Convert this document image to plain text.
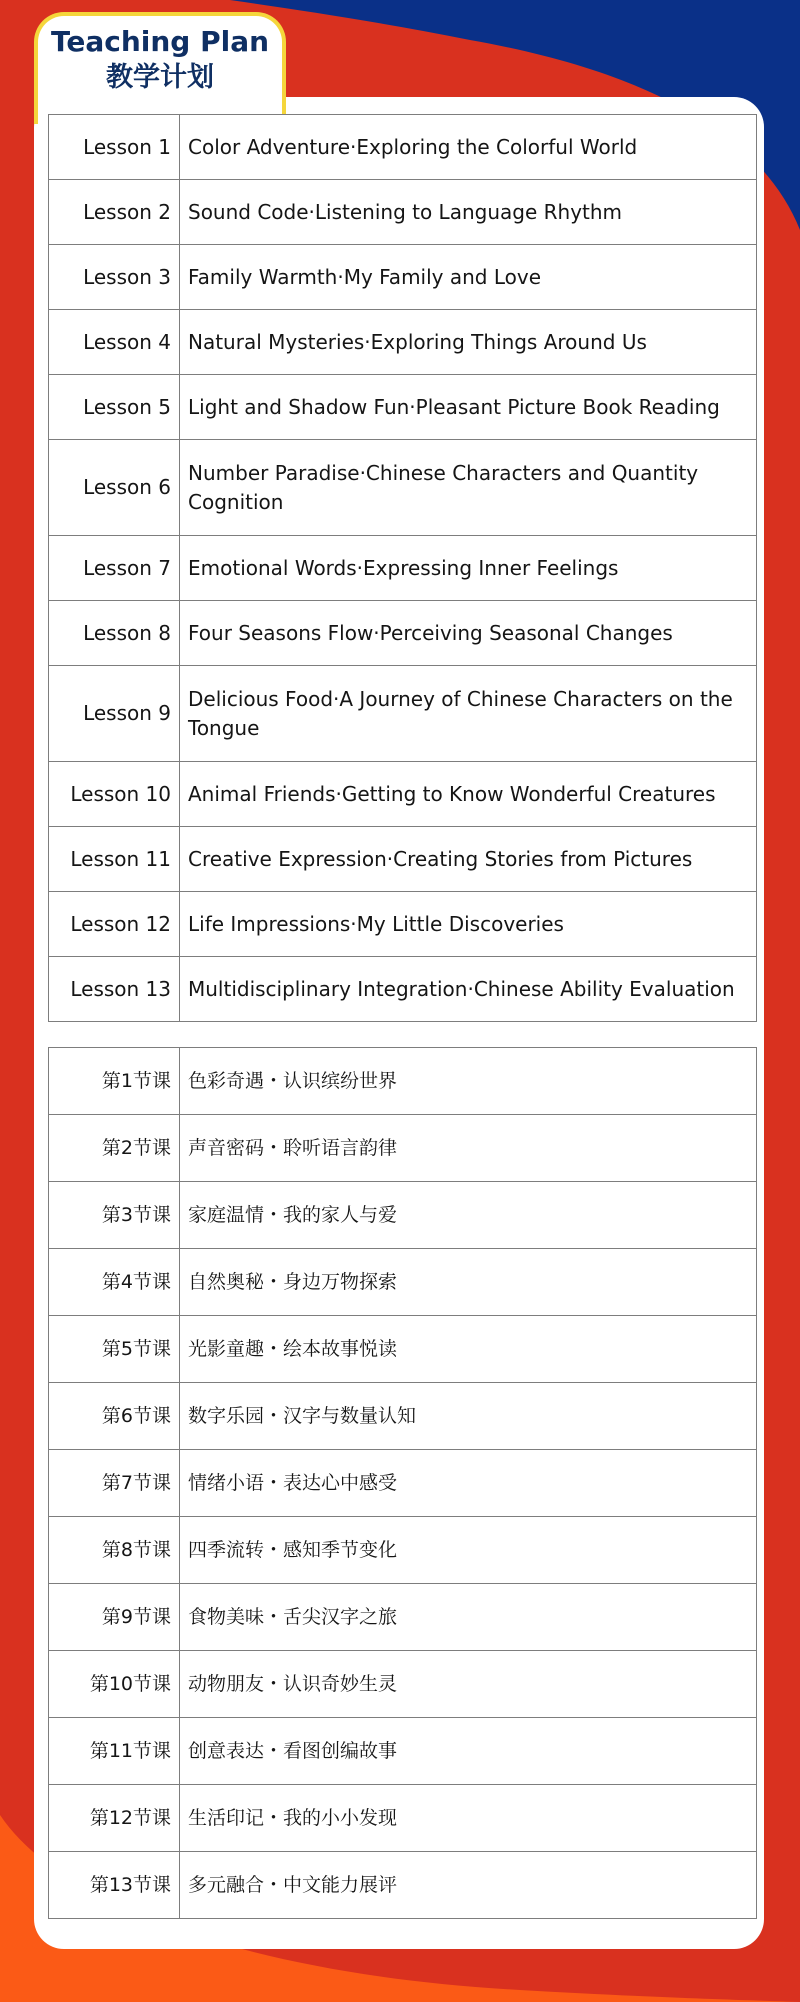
Teaching Plan
教学计划
Lesson 1	Color Adventure·Exploring the Colorful World
Lesson 2	Sound Code·Listening to Language Rhythm
Lesson 3	Family Warmth·My Family and Love
Lesson 4	Natural Mysteries·Exploring Things Around Us
Lesson 5	Light and Shadow Fun·Pleasant Picture Book Reading
Lesson 6	Number Paradise·Chinese Characters and Quantity Cognition
Lesson 7	Emotional Words·Expressing Inner Feelings
Lesson 8	Four Seasons Flow·Perceiving Seasonal Changes
Lesson 9	Delicious Food·A Journey of Chinese Characters on the Tongue
Lesson 10	Animal Friends·Getting to Know Wonderful Creatures
Lesson 11	Creative Expression·Creating Stories from Pictures
Lesson 12	Life Impressions·My Little Discoveries
Lesson 13	Multidisciplinary Integration·Chinese Ability Evaluation
第1节课	色彩奇遇・认识缤纷世界
第2节课	声音密码・聆听语言韵律
第3节课	家庭温情・我的家人与爱
第4节课	自然奥秘・身边万物探索
第5节课	光影童趣・绘本故事悦读
第6节课	数字乐园・汉字与数量认知
第7节课	情绪小语・表达心中感受
第8节课	四季流转・感知季节变化
第9节课	食物美味・舌尖汉字之旅
第10节课	动物朋友・认识奇妙生灵
第11节课	创意表达・看图创编故事
第12节课	生活印记・我的小小发现
第13节课	多元融合・中文能力展评
